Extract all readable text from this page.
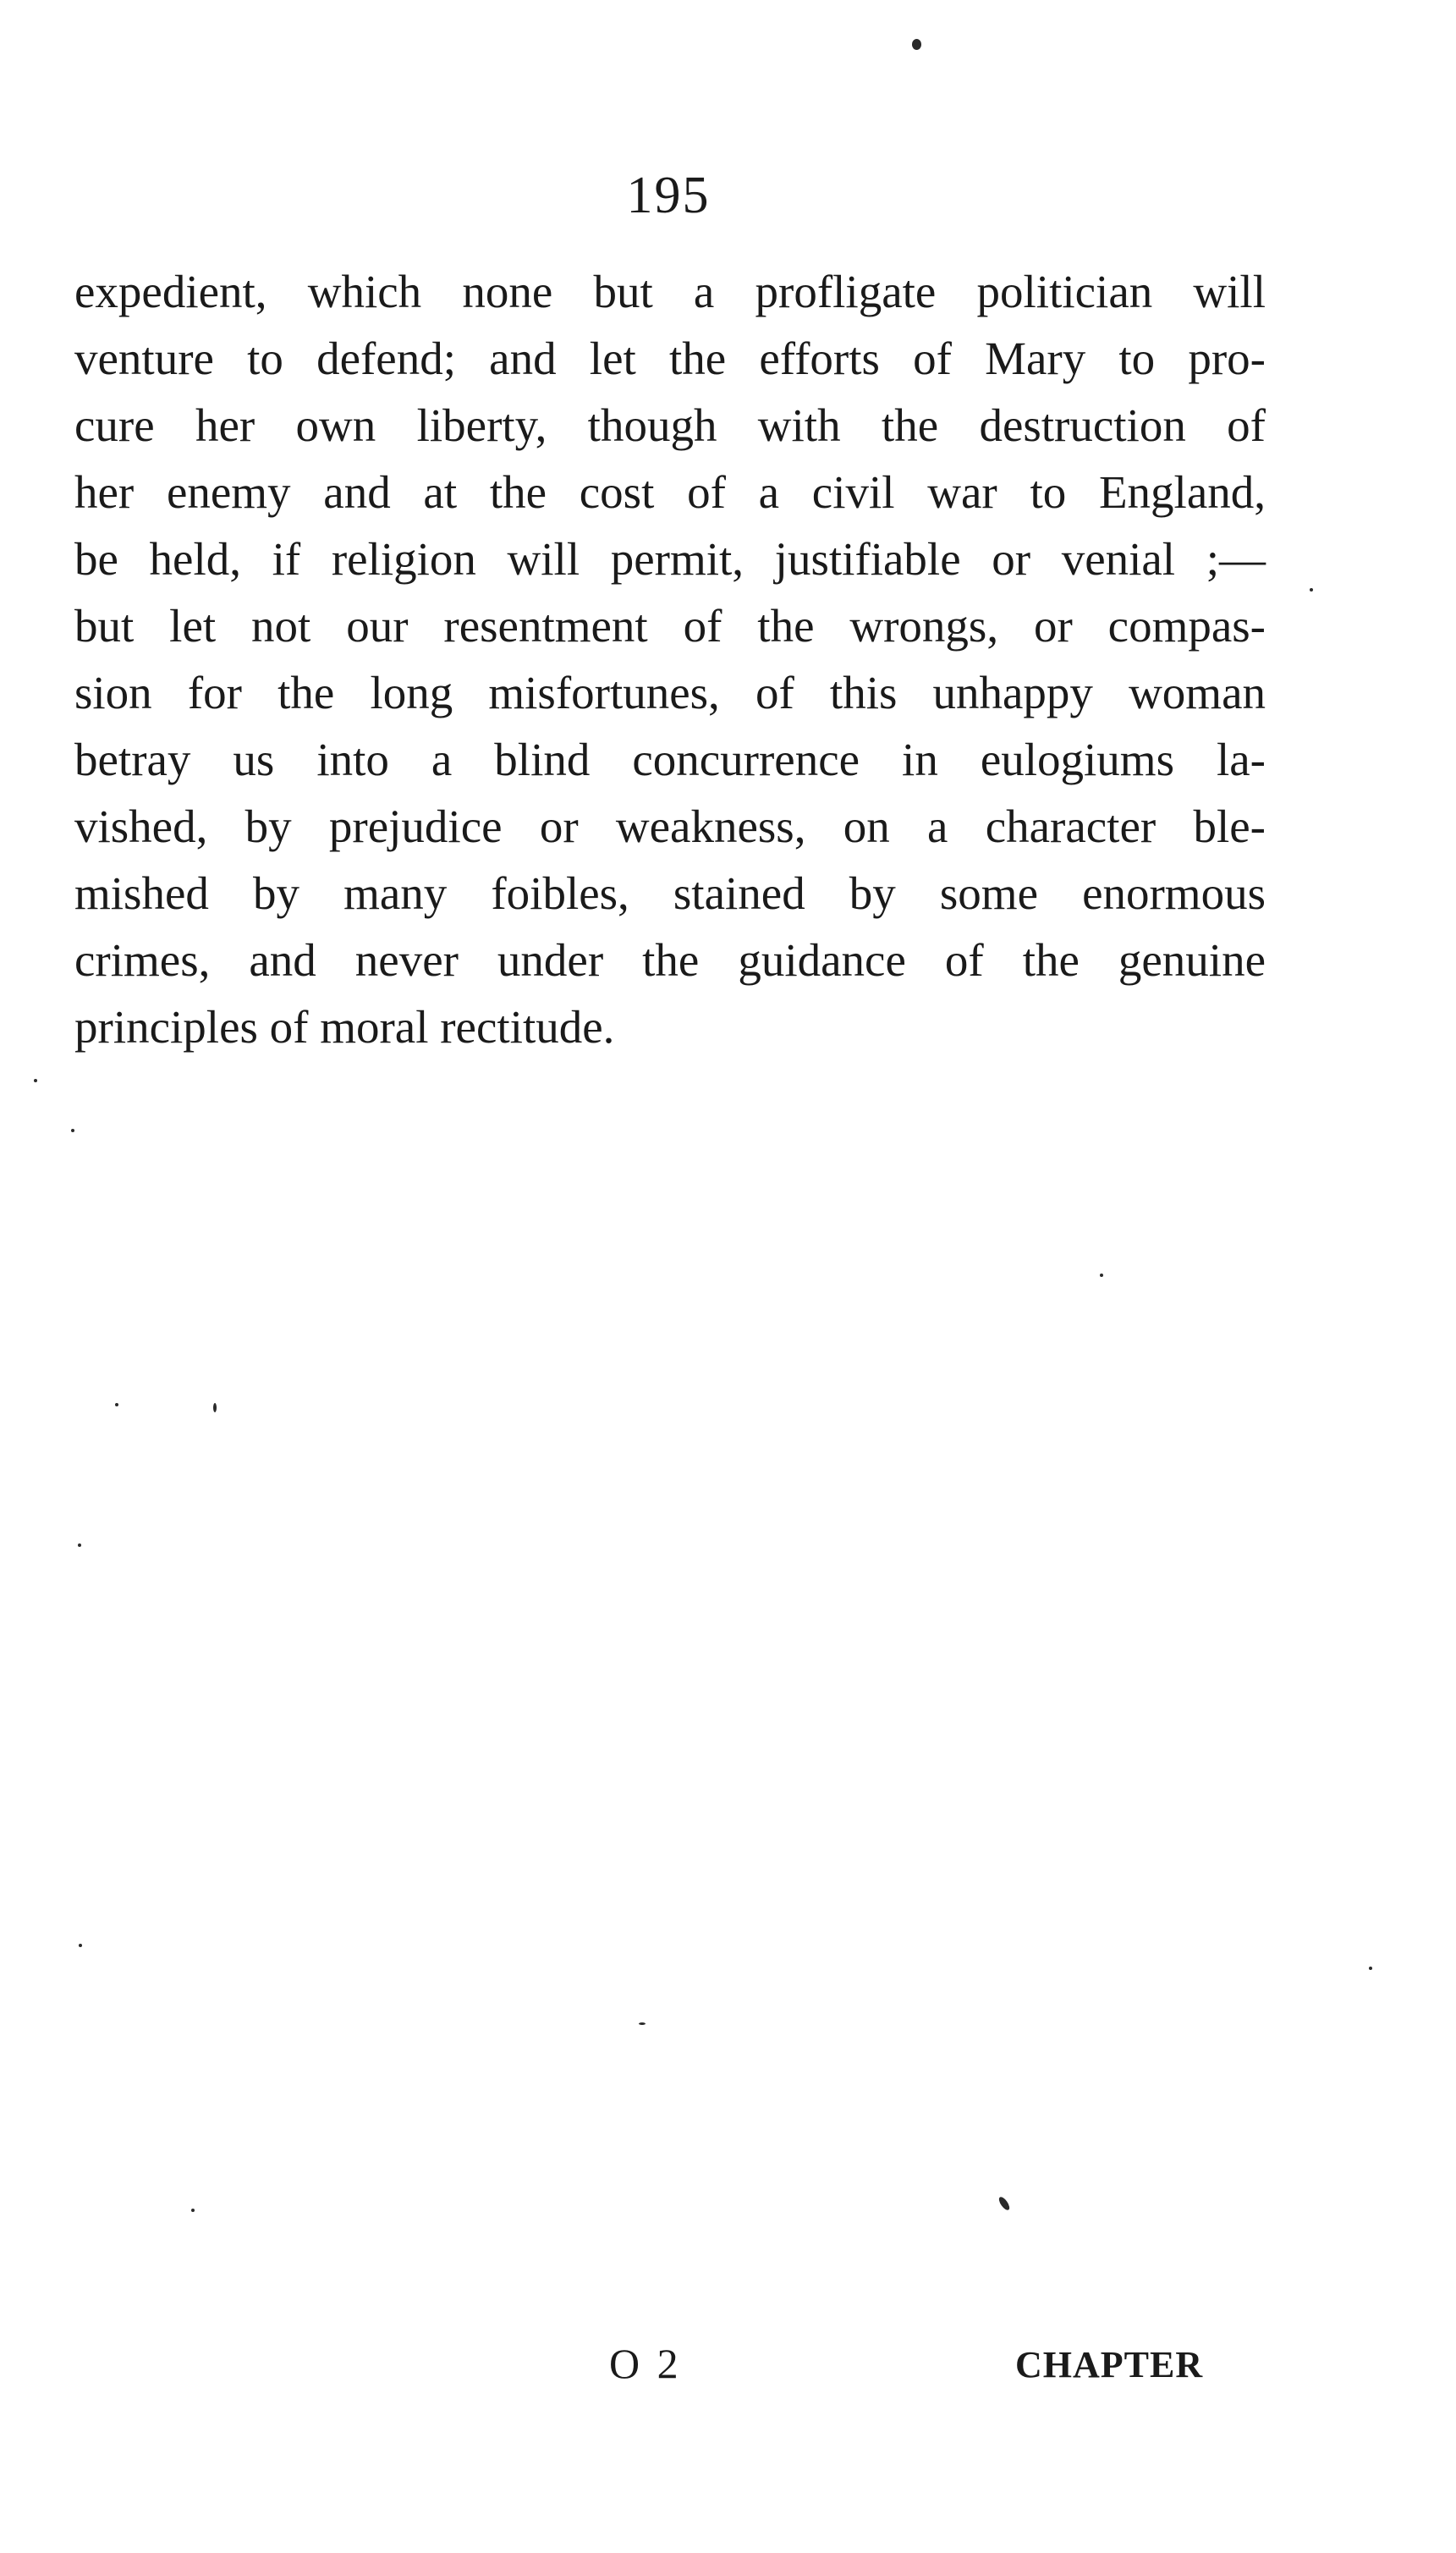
195
expedient, which none but a profligate politician will
venture to defend; and let the efforts of Mary to pro-
cure her own liberty, though with the destruction of
her enemy and at the cost of a civil war to England,
be held, if religion will permit, justifiable or venial ;—
but let not our resentment of the wrongs, or compas-
sion for the long misfortunes, of this unhappy woman
betray us into a blind concurrence in eulogiums la-
vished, by prejudice or weakness, on a character ble-
mished by many foibles, stained by some enormous
crimes, and never under the guidance of the genuine
principles of moral rectitude.
O 2	CHAPTER
